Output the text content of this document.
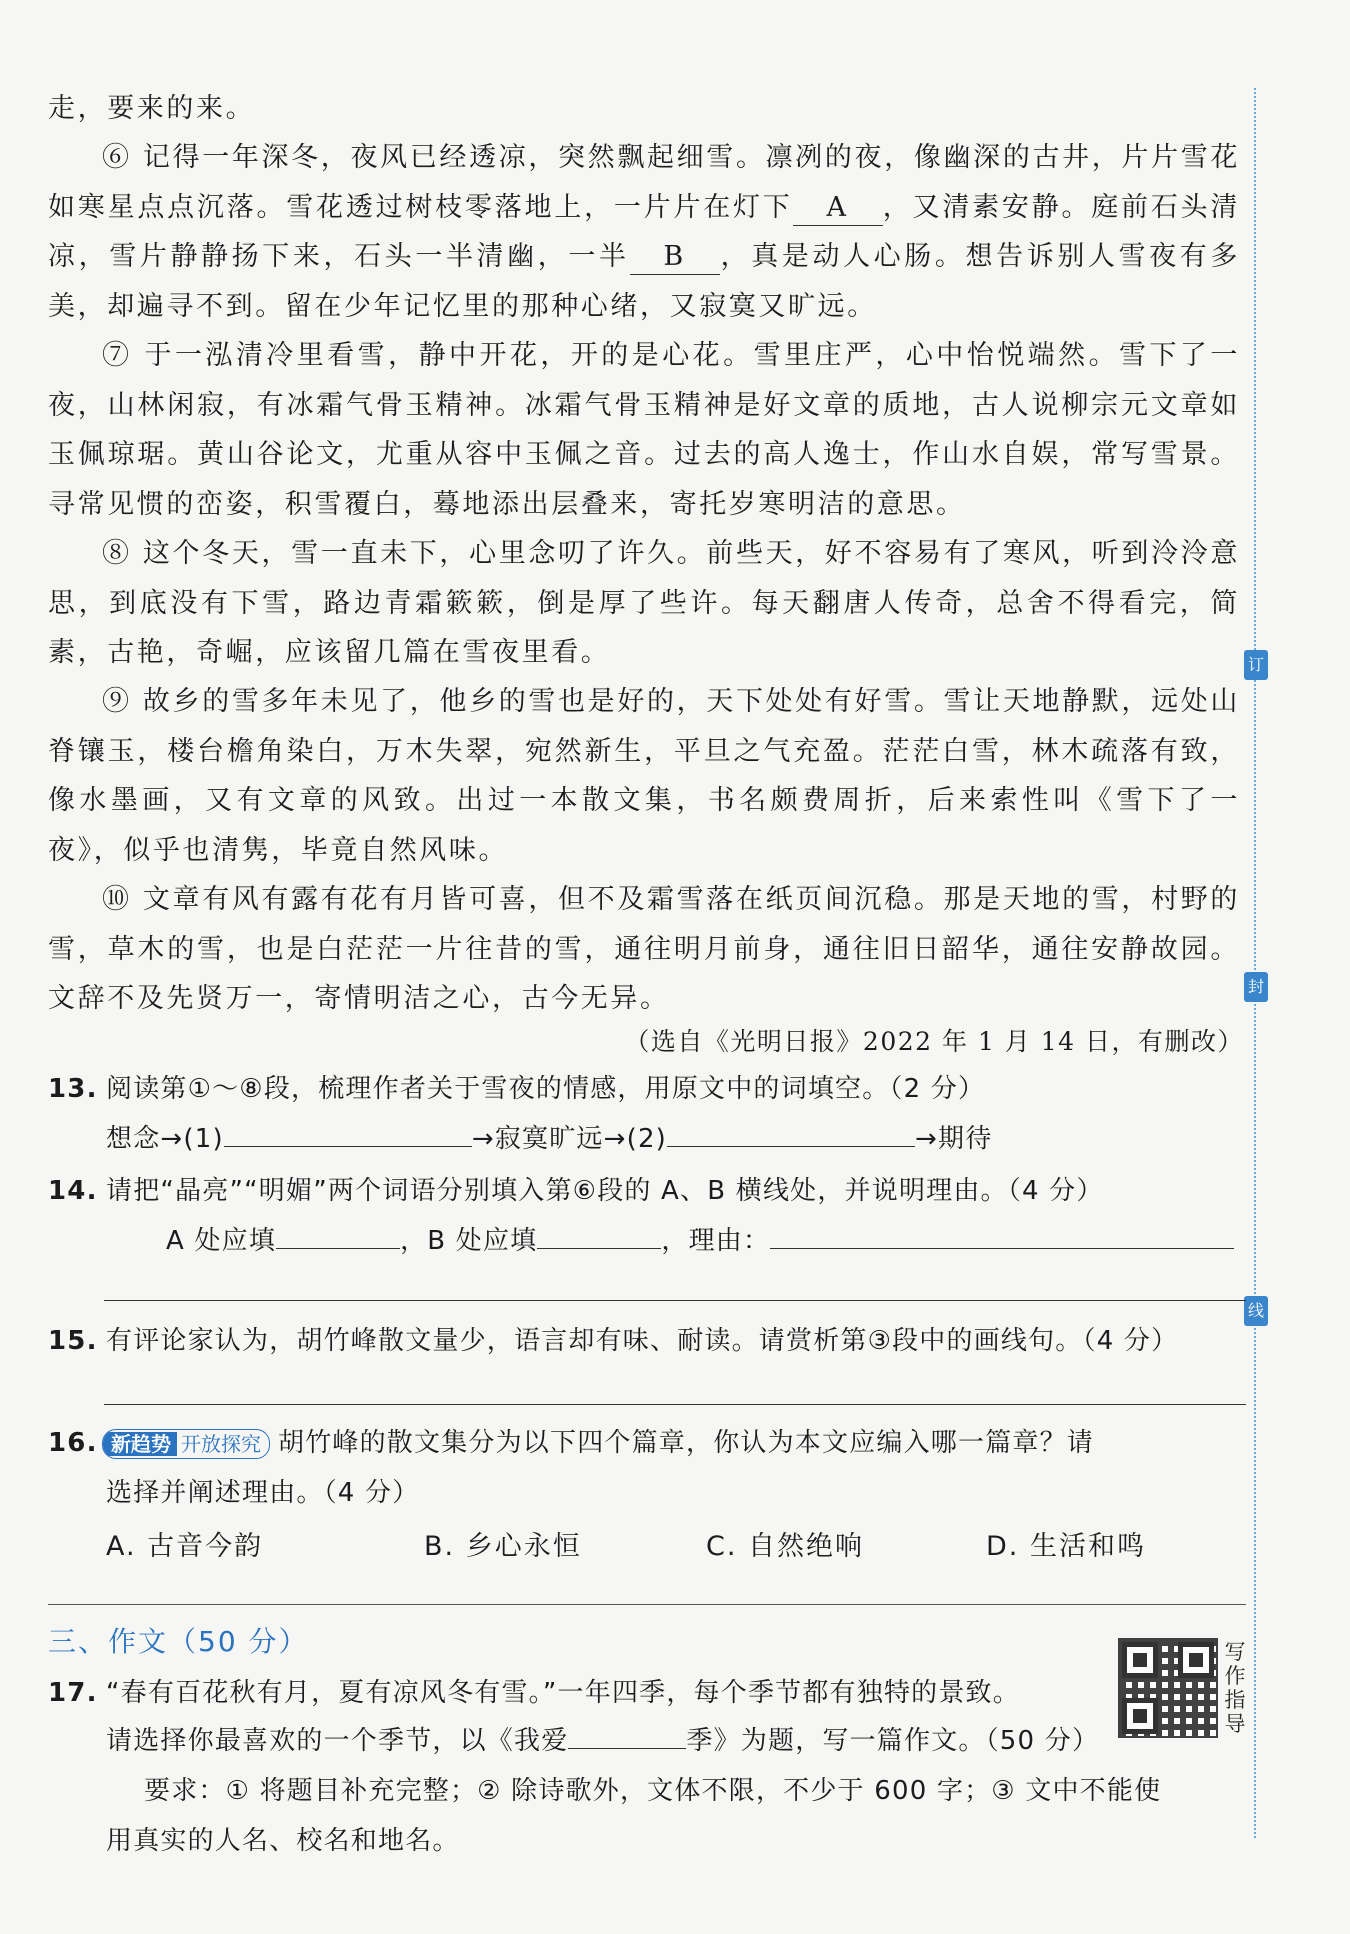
订
封
线
走，要来的来。
⑥ 记得一年深冬，夜风已经透凉，突然飘起细雪。凛冽的夜，像幽深的古井，片片雪花如寒星点点沉落。雪花透过树枝零落地上，一片片在灯下 A ，又清素安静。庭前石头清凉，雪片静静扬下来，石头一半清幽，一半 B ，真是动人心肠。想告诉别人雪夜有多美，却遍寻不到。留在少年记忆里的那种心绪，又寂寞又旷远。
⑦ 于一泓清冷里看雪，静中开花，开的是心花。雪里庄严，心中怡悦端然。雪下了一夜，山林闲寂，有冰霜气骨玉精神。冰霜气骨玉精神是好文章的质地，古人说柳宗元文章如玉佩琼琚。黄山谷论文，尤重从容中玉佩之音。过去的高人逸士，作山水自娱，常写雪景。寻常见惯的峦姿，积雪覆白，蓦地添出层叠来，寄托岁寒明洁的意思。
⑧ 这个冬天，雪一直未下，心里念叨了许久。前些天，好不容易有了寒风，听到泠泠意思，到底没有下雪，路边青霜簌簌，倒是厚了些许。每天翻唐人传奇，总舍不得看完，简素，古艳，奇崛，应该留几篇在雪夜里看。
⑨ 故乡的雪多年未见了，他乡的雪也是好的，天下处处有好雪。雪让天地静默，远处山脊镶玉，楼台檐角染白，万木失翠，宛然新生，平旦之气充盈。茫茫白雪，林木疏落有致，像水墨画，又有文章的风致。出过一本散文集，书名颇费周折，后来索性叫《雪下了一夜》，似乎也清隽，毕竟自然风味。
⑩ 文章有风有露有花有月皆可喜，但不及霜雪落在纸页间沉稳。那是天地的雪，村野的雪，草木的雪，也是白茫茫一片往昔的雪，通往明月前身，通往旧日韶华，通往安静故园。文辞不及先贤万一，寄情明洁之心，古今无异。
（选自《光明日报》2022 年 1 月 14 日，有删改）
13. 阅读第①～⑧段，梳理作者关于雪夜的情感，用原文中的词填空。（2 分）
想念→(1)	→寂寞旷远→(2)	→期待
14. 请把“晶亮”“明媚”两个词语分别填入第⑥段的 A、B 横线处，并说明理由。（4 分）
A 处应填	，B 处应填	，理由：
15. 有评论家认为，胡竹峰散文量少，语言却有味、耐读。请赏析第③段中的画线句。（4 分）
16. 新趋势 开放探究 胡竹峰的散文集分为以下四个篇章，你认为本文应编入哪一篇章？请
选择并阐述理由。（4 分）
A. 古音今韵	B. 乡心永恒	C. 自然绝响	D. 生活和鸣
三、作文（50 分）
17. “春有百花秋有月，夏有凉风冬有雪。”一年四季，每个季节都有独特的景致。
请选择你最喜欢的一个季节，以《我爱	季》为题，写一篇作文。（50 分）
要求：① 将题目补充完整；② 除诗歌外，文体不限，不少于 600 字；③ 文中不能使
用真实的人名、校名和地名。
写
作
指
导
